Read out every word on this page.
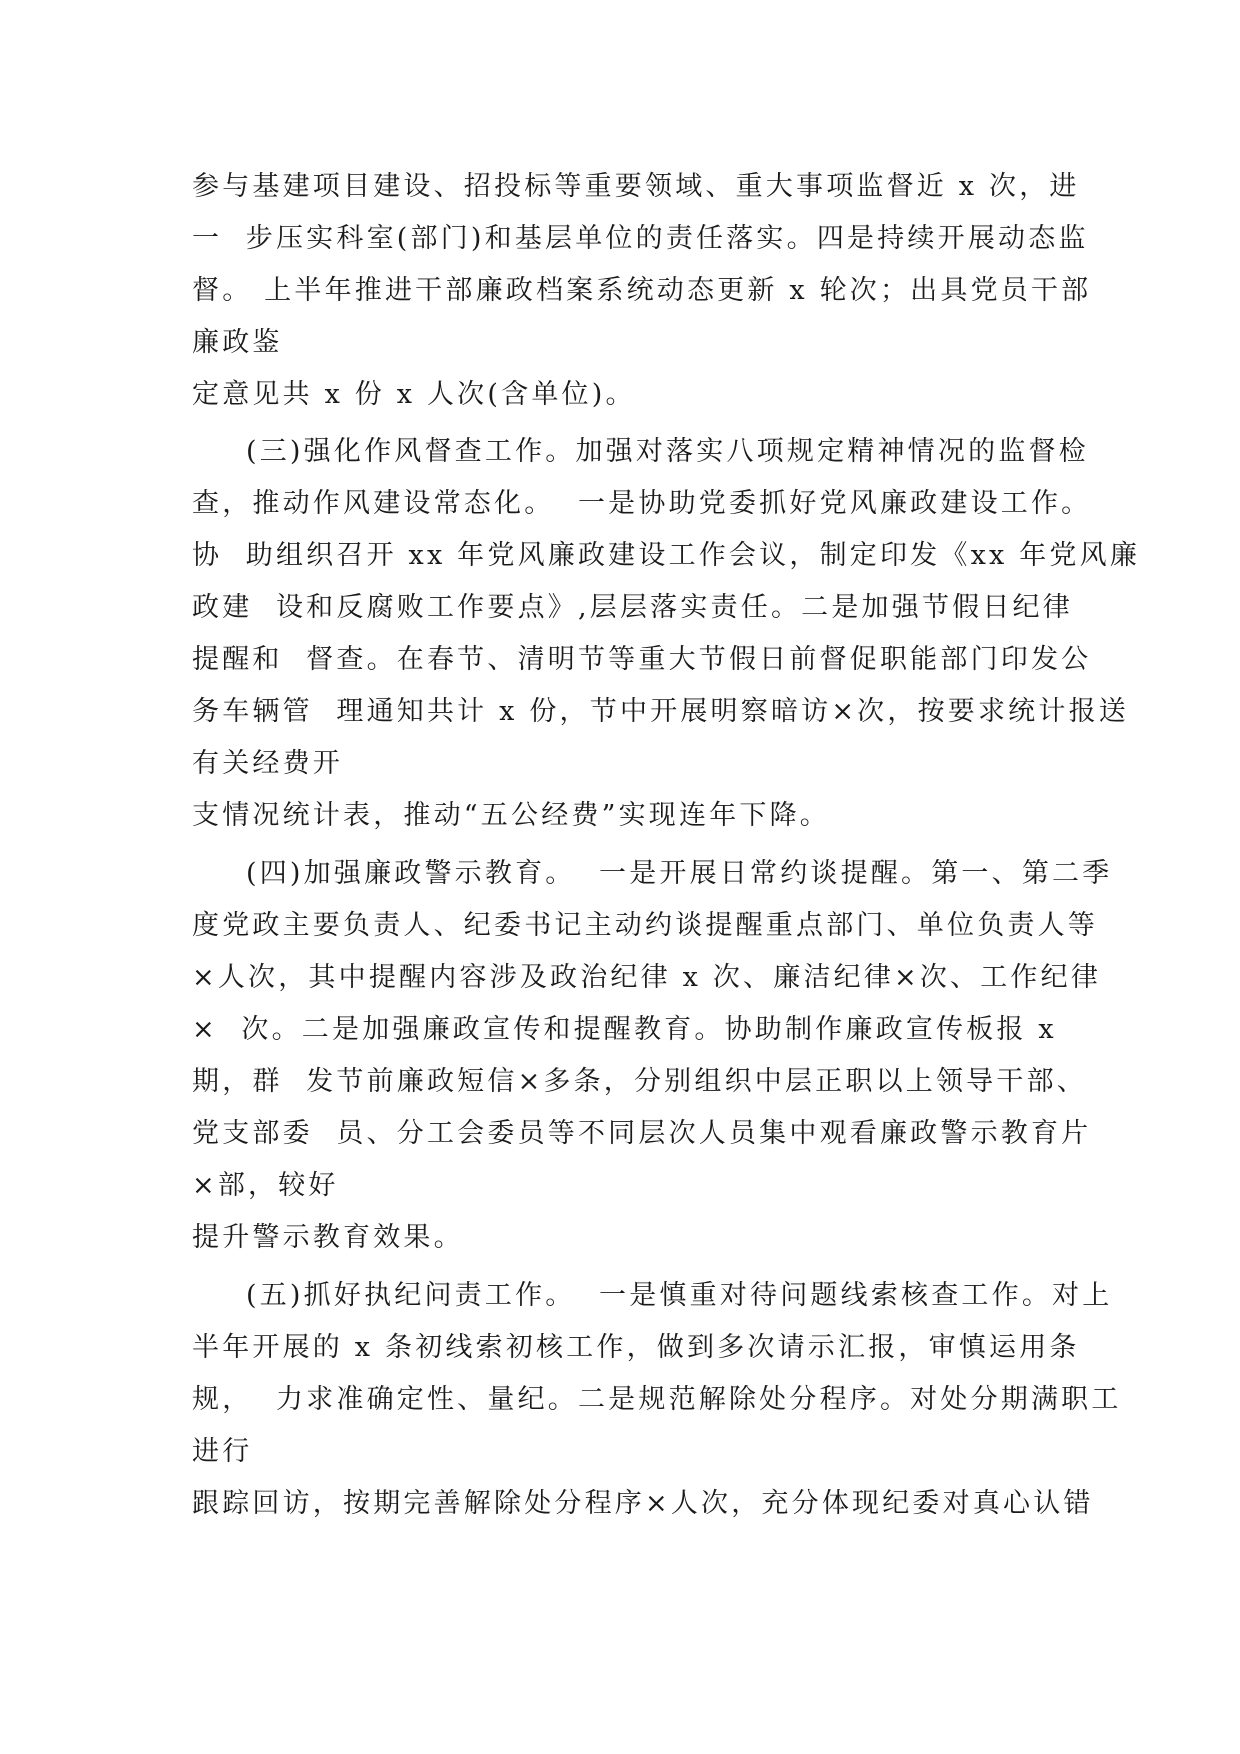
参与基建项目建设、招投标等重要领域、重大事项监督近 x 次，进
一  步压实科室(部门)和基层单位的责任落实。四是持续开展动态监
督。 上半年推进干部廉政档案系统动态更新 x 轮次；出具党员干部
廉政鉴
定意见共 x 份 x 人次(含单位)。
(三)强化作风督查工作。加强对落实八项规定精神情况的监督检
查，推动作风建设常态化。  一是协助党委抓好党风廉政建设工作。
协  助组织召开 xx 年党风廉政建设工作会议，制定印发《xx 年党风廉
政建  设和反腐败工作要点》,层层落实责任。二是加强节假日纪律
提醒和  督查。在春节、清明节等重大节假日前督促职能部门印发公
务车辆管  理通知共计 x 份，节中开展明察暗访×次，按要求统计报送
有关经费开
支情况统计表，推动“五公经费”实现连年下降。
(四)加强廉政警示教育。  一是开展日常约谈提醒。第一、第二季
度党政主要负责人、纪委书记主动约谈提醒重点部门、单位负责人等
×人次，其中提醒内容涉及政治纪律 x 次、廉洁纪律×次、工作纪律
×  次。二是加强廉政宣传和提醒教育。协助制作廉政宣传板报 x
期，群  发节前廉政短信×多条，分别组织中层正职以上领导干部、
党支部委  员、分工会委员等不同层次人员集中观看廉政警示教育片
×部，较好
提升警示教育效果。
(五)抓好执纪问责工作。  一是慎重对待问题线索核查工作。对上
半年开展的 x 条初线索初核工作，做到多次请示汇报，审慎运用条
规，  力求准确定性、量纪。二是规范解除处分程序。对处分期满职工
进行
跟踪回访，按期完善解除处分程序×人次，充分体现纪委对真心认错
